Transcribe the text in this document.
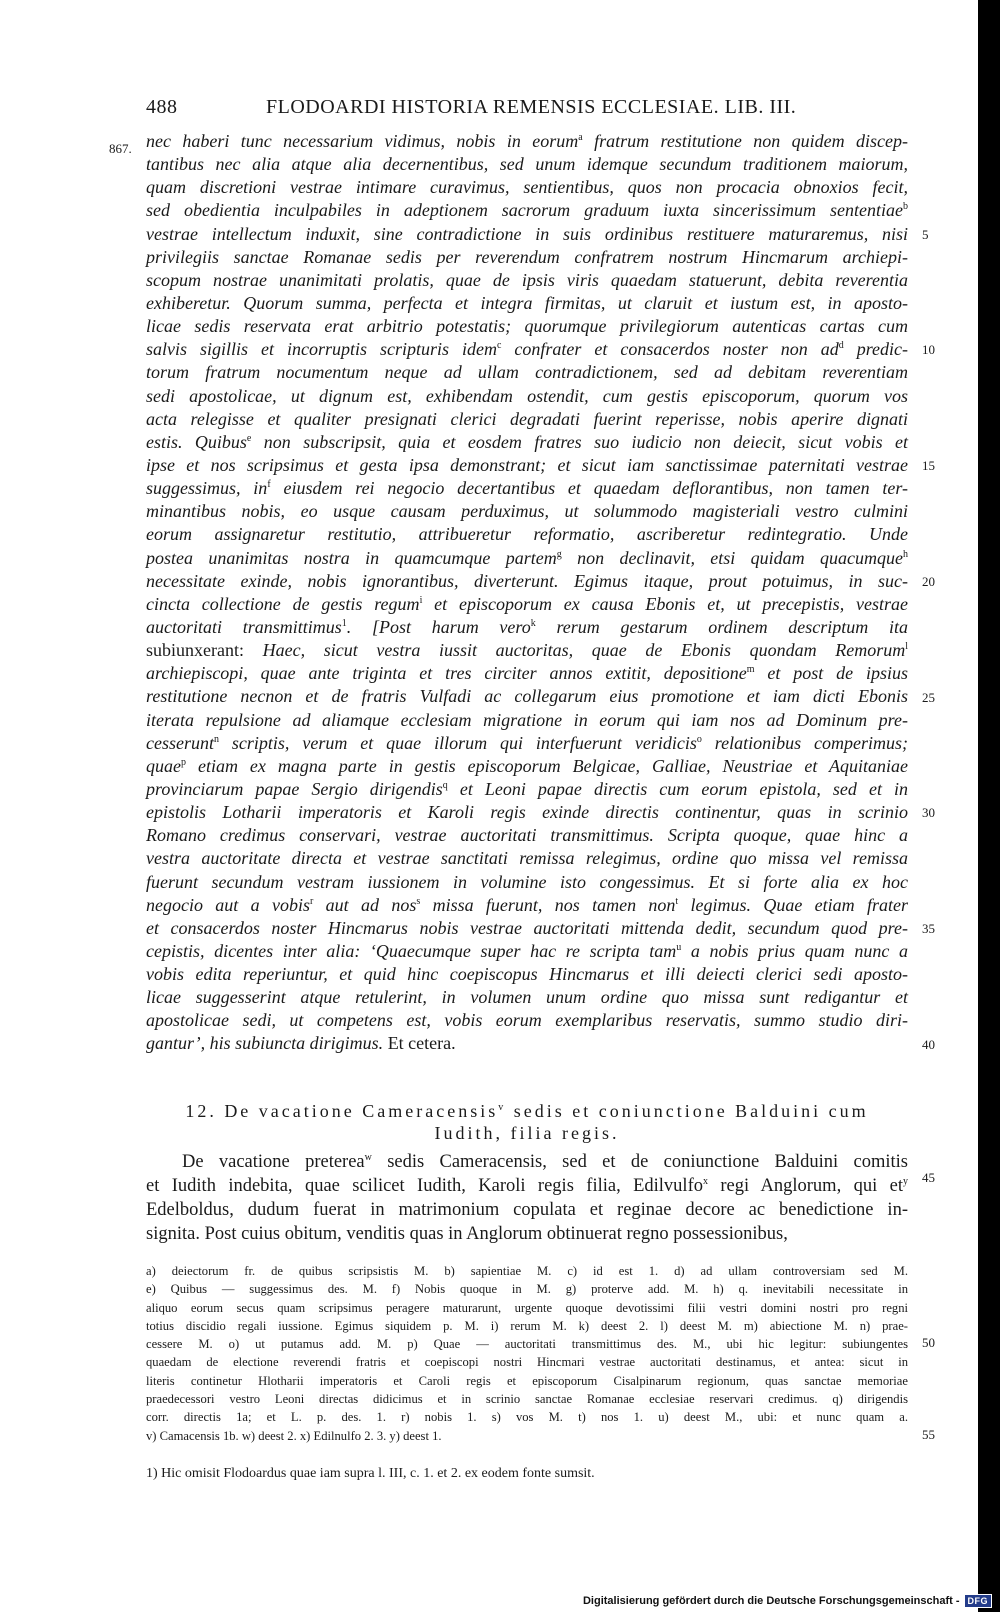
488	FLODOARDI HISTORIA REMENSIS ECCLESIAE. LIB. III.
867. nec haberi tunc necessarium vidimus, nobis in eorum$^a$ fratrum restitutione non quidem discep-
tantibus nec alia atque alia decernentibus, sed unum idemque secundum traditionem maiorum,
quam discretioni vestrae intimare curavimus, sentientibus, quos non procacia obnoxios fecit,
sed obedientia inculpabiles in adeptionem sacrorum graduum iuxta sincerissimum sententiae$^b$
vestrae intellectum induxit, sine contradictione in suis ordinibus restituere maturaremus, nisi
privilegiis sanctae Romanae sedis per reverendum confratrem nostrum Hincmarum archiepi-
scopum nostrae unanimitati prolatis, quae de ipsis viris quaedam statuerunt, debita reverentia
exhiberetur. Quorum summa, perfecta et integra firmitas, ut claruit et iustum est, in aposto-
licae sedis reservata erat arbitrio potestatis; quorumque privilegiorum autenticas cartas cum
salvis sigillis et incorruptis scripturis idem$^c$ confrater et consacerdos noster non $ad^d$ predic-
torum fratrum nocumentum neque ad ullam contradictionem, sed ad debitam reverentiam
sedi apostolicae, ut dignum est, exhibendam ostendit, cum gestis episcoporum, quorum vos
acta relegisse et qualiter presignati clerici degradati fuerint reperisse, nobis aperire dignati
estis. Quibus$^e$ non subscripsit, quia et eosdem fratres suo iudicio non deiecit, sicut vobis et
ipse et nos scripsimus et gesta ipsa demonstrant; et sicut iam sanctissimae paternitati vestrae
suggessimus, $in^f$ eiusdem rei negocio decertantibus et quaedam deflorantibus, non tamen ter-
minantibus nobis, eo usque causam perduximus, ut solummodo magisteriali vestro culmini
eorum assignaretur restitutio, attribueretur reformatio, ascriberetur redintegratio. Unde
postea unanimitas nostra in quamcumque partem$^g$ non declinavit, etsi quidam quacumque$^h$
necessitate exinde, nobis ignorantibus, diverterunt. Egimus itaque, prout potuimus, in suc-
cincta collectione de gestis regum$^i$ et episcoporum ex causa Ebonis et, ut precepistis, vestrae
auctoritati transmittimus$^1$. [Post harum vero$^k$ rerum gestarum ordinem descriptum ita
subiunxerant: Haec, sicut vestra iussit auctoritas, quae de Ebonis quondam Remorum$^l$
archiepiscopi, quae ante triginta et tres circiter annos extitit, depositione$^m$ et post de ipsius
restitutione necnon et de fratris Vulfadi ac collegarum eius promotione et iam dicti Ebonis
iterata repulsione ad aliamque ecclesiam migratione in eorum qui iam nos ad Dominum pre-
cesserunt$^n$ scriptis, verum et quae illorum qui interfuerunt veridicis$^o$ relationibus comperimus;
quae$^p$ etiam ex magna parte in gestis episcoporum Belgicae, Galliae, Neustriae et Aquitaniae
provinciarum papae Sergio dirigendis$^q$ et Leoni papae directis cum eorum epistola, sed et in
epistolis Lotharii imperatoris et Karoli regis exinde directis continentur, quas in scrinio
Romano credimus conservari, vestrae auctoritati transmittimus. Scripta quoque, quae hinc a
vestra auctoritate directa et vestrae sanctitati remissa relegimus, ordine quo missa vel remissa
fuerunt secundum vestram iussionem in volumine isto congessimus. Et si forte alia ex hoc
negocio aut a vobis$^r$ aut ad nos$^s$ missa fuerunt, nos tamen non$^t$ legimus. Quae etiam frater
et consacerdos noster Hincmarus nobis vestrae auctoritati mittenda dedit, secundum quod pre-
cepistis, dicentes inter alia: ‘Quaecumque super hac re scripta tam$^u$ a nobis prius quam nunc a
vobis edita reperiuntur, et quid hinc coepiscopus Hincmarus et illi deiecti clerici sedi aposto-
licae suggesserint atque retulerint, in volumen unum ordine quo missa sunt redigantur et
apostolicae sedi, ut competens est, vobis eorum exemplaribus reservatis, summo studio diri-
gantur’, his subiuncta dirigimus. Et cetera.
5
10
15
20
25
30
35
40
12. De vacatione Cameracensis$^v$ sedis et coniunctione Balduini cum
Iudith, filia regis.
De vacatione preterea$^w$ sedis Cameracensis, sed et de coniunctione Balduini comitis
et Iudith indebita, quae scilicet Iudith, Karoli regis filia, Edilvulfo$^x$ regi Anglorum, qui $et^y$
Edelboldus, dudum fuerat in matrimonium copulata et reginae decore ac benedictione in-
signita. Post cuius obitum, venditis quas in Anglorum obtinuerat regno possessionibus,
45
a) deiectorum fr. de quibus scripsistis M. b) sapientiae M. c) id est 1. d) ad ullam controversiam sed M.
e) Quibus — suggessimus des. M. f) Nobis quoque in M. g) proterve add. M. h) q. inevitabili necessitate in
aliquo eorum secus quam scripsimus peragere maturarunt, urgente quoque devotissimi filii vestri domini nostri pro regni
totius discidio regali iussione. Egimus siquidem p. M. i) rerum M. k) deest 2. l) deest M. m) abiectione M. n) prae-
cessere M. o) ut putamus add. M. p) Quae — auctoritati transmittimus des. M., ubi hic legitur: subiungentes
quaedam de electione reverendi fratris et coepiscopi nostri Hincmari vestrae auctoritati destinamus, et antea: sicut in
literis continetur Hlotharii imperatoris et Caroli regis et episcoporum Cisalpinarum regionum, quas sanctae memoriae
praedecessori vestro Leoni directas didicimus et in scrinio sanctae Romanae ecclesiae reservari credimus. q) dirigendis
corr. directis 1a; et L. p. des. 1. r) nobis 1. s) vos M. t) nos 1. u) deest M., ubi: et nunc quam a.
v) Camacensis 1b. w) deest 2. x) Edilnulfo 2. 3. y) deest 1.
50
55
1) Hic omisit Flodoardus quae iam supra l. III, c. 1. et 2. ex eodem fonte sumsit.
Digitalisierung gefördert durch die Deutsche Forschungsgemeinschaft - DFG
